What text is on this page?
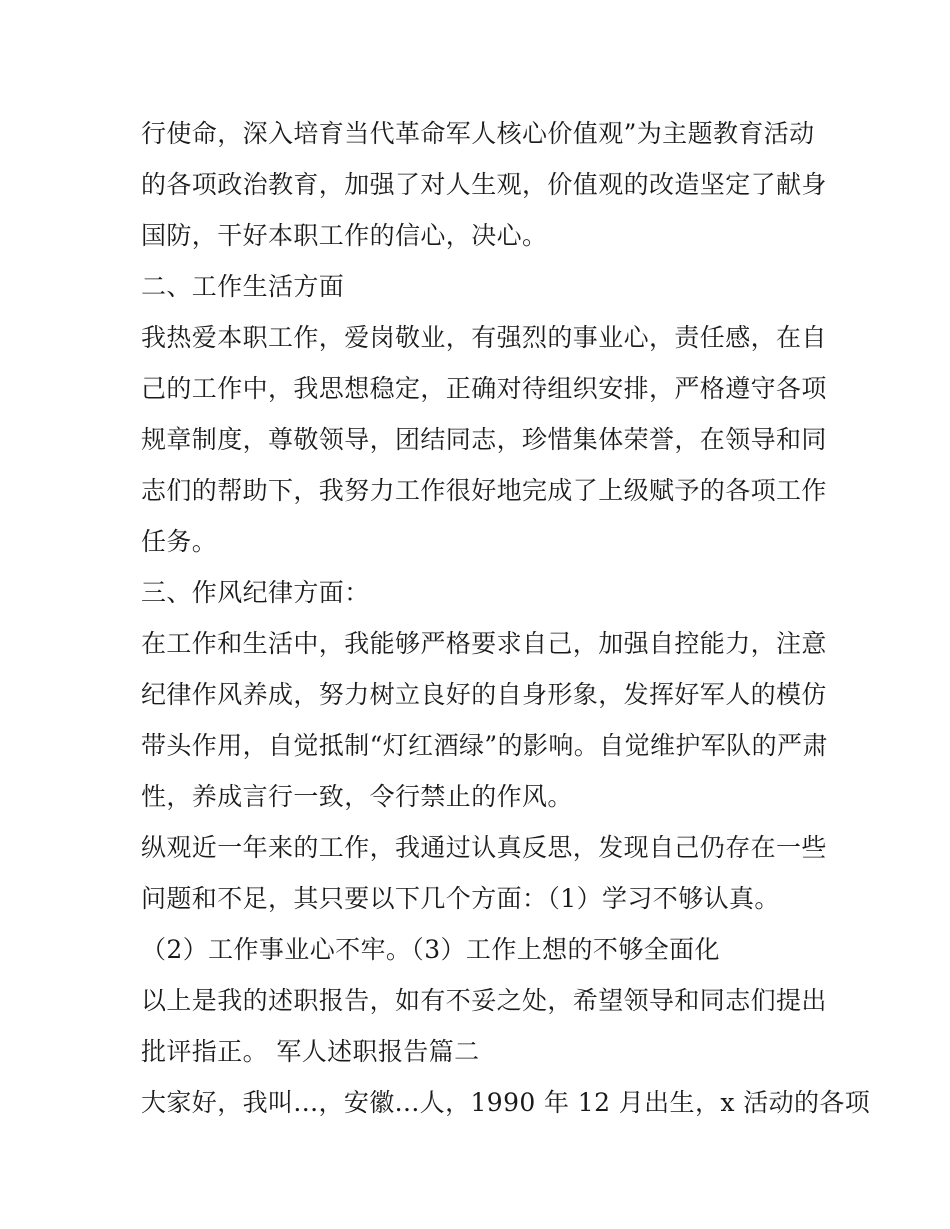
行使命，深入培育当代革命军人核心价值观”为主题教育活动
的各项政治教育，加强了对人生观，价值观的改造坚定了献身
国防，干好本职工作的信心，决心。
二、工作生活方面
我热爱本职工作，爱岗敬业，有强烈的事业心，责任感，在自
己的工作中，我思想稳定，正确对待组织安排，严格遵守各项
规章制度，尊敬领导，团结同志，珍惜集体荣誉，在领导和同
志们的帮助下，我努力工作很好地完成了上级赋予的各项工作
任务。
三、作风纪律方面：
在工作和生活中，我能够严格要求自己，加强自控能力，注意
纪律作风养成，努力树立良好的自身形象，发挥好军人的模仿
带头作用，自觉抵制“灯红酒绿”的影响。自觉维护军队的严肃
性，养成言行一致，令行禁止的作风。
纵观近一年来的工作，我通过认真反思，发现自己仍存在一些
问题和不足，其只要以下几个方面：（1）学习不够认真。
（2）工作事业心不牢。（3）工作上想的不够全面化
以上是我的述职报告，如有不妥之处，希望领导和同志们提出
批评指正。 军人述职报告篇二
大家好，我叫...，安徽...人，1990 年 12 月出生，x 活动的各项
